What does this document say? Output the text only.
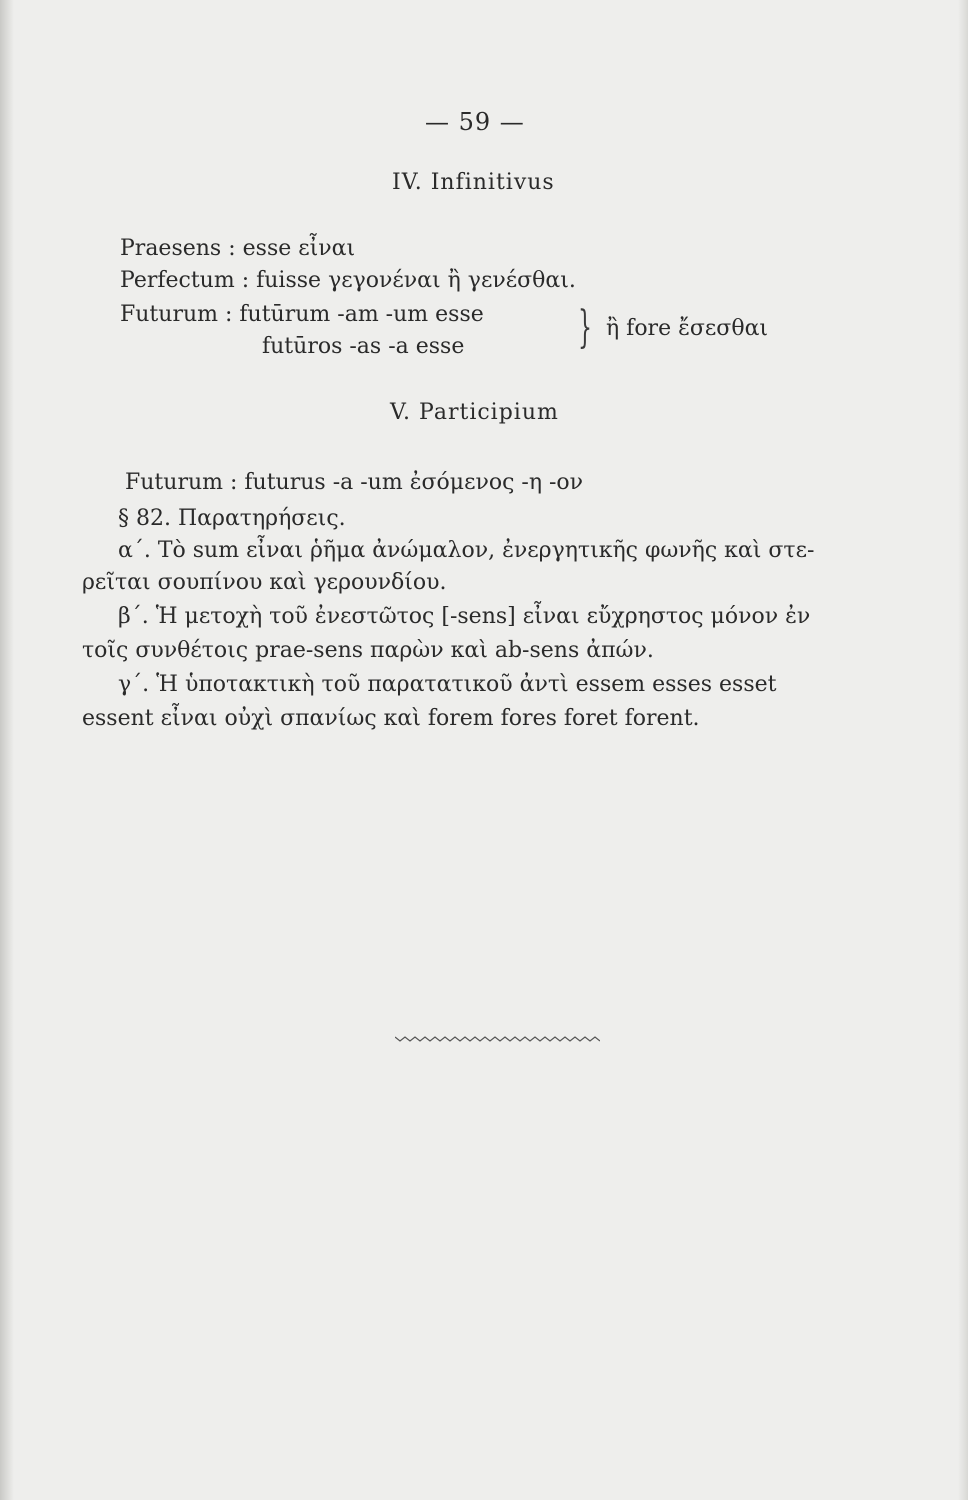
— 59 —
IV. Infinitivus
Praesens : esse εἶναι
Perfectum : fuisse γεγονέναι ἢ γενέσθαι.
Futurum : futūrum -am -um esse
futūros -as -a esse	} ἢ fore ἔσεσθαι
V. Participium
Futurum : futurus -a -um ἐσόμενος -η -ον
§ 82. Παρατηρήσεις.
α΄. Τὸ sum εἶναι ῥῆμα ἀνώμαλον, ἐνεργητικῆς φωνῆς καὶ στε-
ρεῖται σουπίνου καὶ γερουνδίου.
β΄. Ἡ μετοχὴ τοῦ ἐνεστῶτος [-sens] εἶναι εὔχρηστος μόνον ἐν
τοῖς συνθέτοις prae-sens παρὼν καὶ ab-sens ἀπών.
γ΄. Ἡ ὑποτακτικὴ τοῦ παρατατικοῦ ἀντὶ essem esses esset
essent εἶναι οὐχὶ σπανίως καὶ forem fores foret forent.
